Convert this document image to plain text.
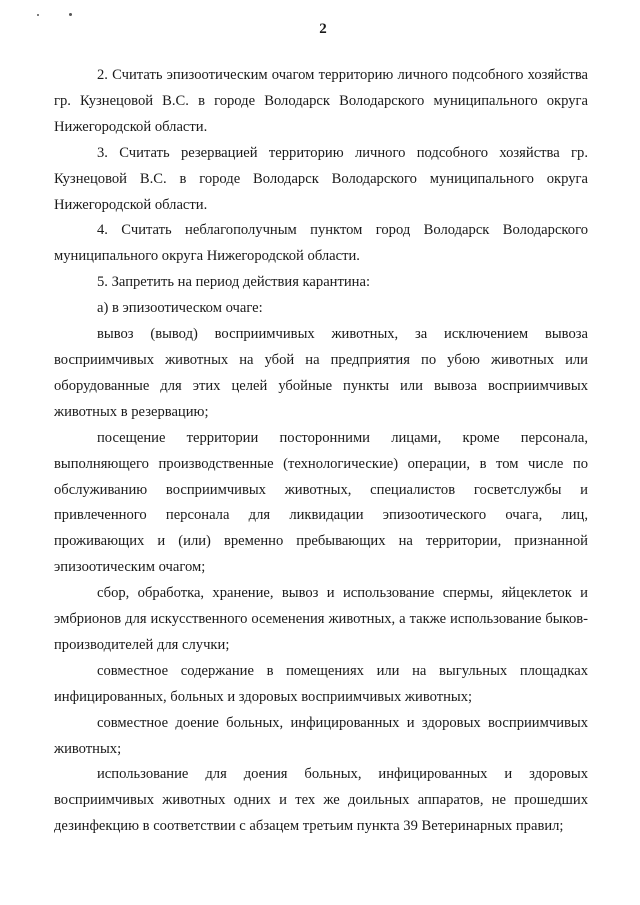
2

2. Считать эпизоотическим очагом территорию личного подсобного хозяйства гр. Кузнецовой В.С. в городе Володарск Володарского муниципального округа Нижегородской области.

3. Считать резервацией территорию личного подсобного хозяйства гр. Кузнецовой В.С. в городе Володарск Володарского муниципального округа Нижегородской области.

4. Считать неблагополучным пунктом город Володарск Володарского муниципального округа Нижегородской области.

5. Запретить на период действия карантина:

а) в эпизоотическом очаге:

вывоз (вывод) восприимчивых животных, за исключением вывоза восприимчивых животных на убой на предприятия по убою животных или оборудованные для этих целей убойные пункты или вывоза восприимчивых животных в резервацию;

посещение территории посторонними лицами, кроме персонала, выполняющего производственные (технологические) операции, в том числе по обслуживанию восприимчивых животных, специалистов госветслужбы и привлеченного персонала для ликвидации эпизоотического очага, лиц, проживающих и (или) временно пребывающих на территории, признанной эпизоотическим очагом;

сбор, обработка, хранение, вывоз и использование спермы, яйцеклеток и эмбрионов для искусственного осеменения животных, а также использование быков-производителей для случки;

совместное содержание в помещениях или на выгульных площадках инфицированных, больных и здоровых восприимчивых животных;

совместное доение больных, инфицированных и здоровых восприимчивых животных;

использование для доения больных, инфицированных и здоровых восприимчивых животных одних и тех же доильных аппаратов, не прошедших дезинфекцию в соответствии с абзацем третьим пункта 39 Ветеринарных правил;
